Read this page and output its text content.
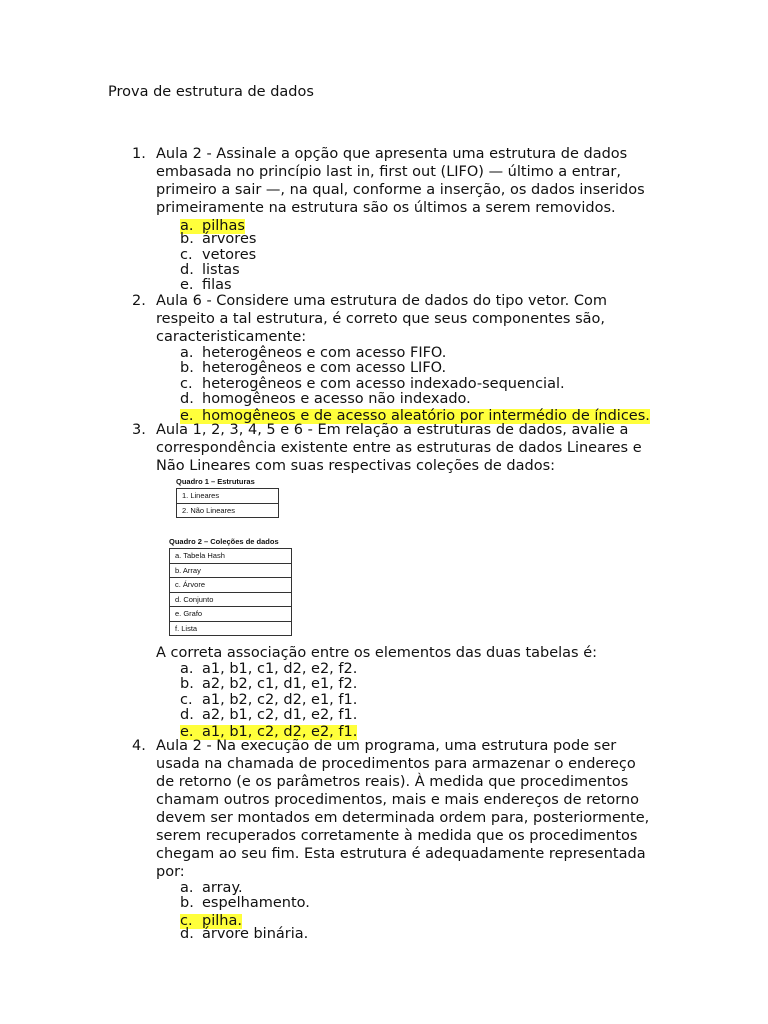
Prova de estrutura de dados
1. Aula 2 - Assinale a opção que apresenta uma estrutura de dados embasada no princípio last in, first out (LIFO) — último a entrar, primeiro a sair —, na qual, conforme a inserção, os dados inseridos primeiramente na estrutura são os últimos a serem removidos.
a. pilhas
b. árvores
c. vetores
d. listas
e. filas
2. Aula 6 - Considere uma estrutura de dados do tipo vetor. Com respeito a tal estrutura, é correto que seus componentes são, caracteristicamente:
a. heterogêneos e com acesso FIFO.
b. heterogêneos e com acesso LIFO.
c. heterogêneos e com acesso indexado-sequencial.
d. homogêneos e acesso não indexado.
e. homogêneos e de acesso aleatório por intermédio de índices.
3. Aula 1, 2, 3, 4, 5 e 6 - Em relação a estruturas de dados, avalie a correspondência existente entre as estruturas de dados Lineares e Não Lineares com suas respectivas coleções de dados:
Quadro 1 – Estruturas
1. Lineares
2. Não Lineares
Quadro 2 – Coleções de dados
a. Tabela Hash
b. Array
c. Árvore
d. Conjunto
e. Grafo
f. Lista
A correta associação entre os elementos das duas tabelas é:
a. a1, b1, c1, d2, e2, f2.
b. a2, b2, c1, d1, e1, f2.
c. a1, b2, c2, d2, e1, f1.
d. a2, b1, c2, d1, e2, f1.
e. a1, b1, c2, d2, e2, f1.
4. Aula 2 - Na execução de um programa, uma estrutura pode ser usada na chamada de procedimentos para armazenar o endereço de retorno (e os parâmetros reais). À medida que procedimentos chamam outros procedimentos, mais e mais endereços de retorno devem ser montados em determinada ordem para, posteriormente, serem recuperados corretamente à medida que os procedimentos chegam ao seu fim. Esta estrutura é adequadamente representada por:
a. array.
b. espelhamento.
c. pilha.
d. árvore binária.
